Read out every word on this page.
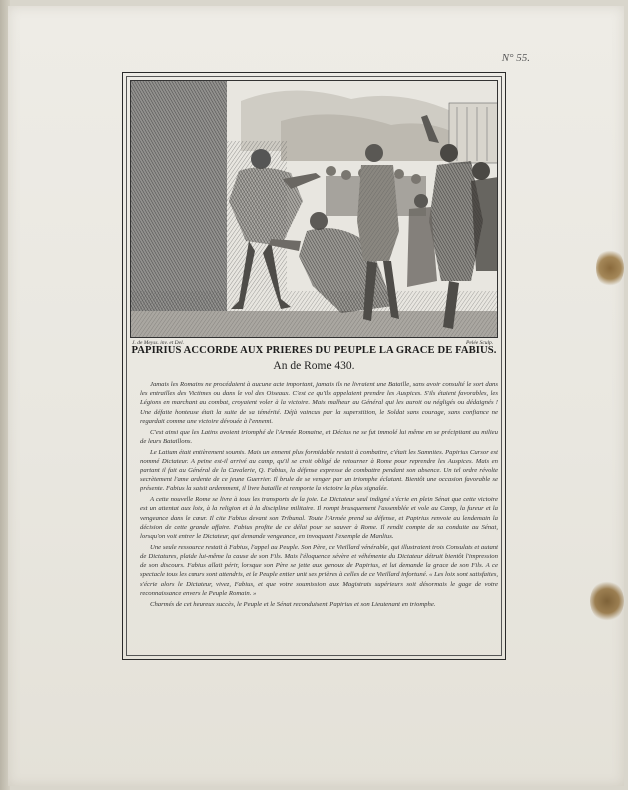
N° 55.
J. de Meyss. inv. et Del.	Pelée Sculp.
PAPIRIUS ACCORDE AUX PRIERES DU PEUPLE LA GRACE DE FABIUS.
An de Rome 430.

Jamais les Romains ne procédaient à aucune acte important, jamais ils ne livraient une Bataille, sans avoir consulté le sort dans les entrailles des Victimes ou dans le vol des Oiseaux. C'est ce qu'ils appelaient prendre les Auspices. S'ils étaient favorables, les Légions en marchant au combat, croyaient voler à la victoire. Mais malheur au Général qui les auroit ou négligés ou dédaignés ! Une défaite honteuse était la suite de sa témérité. Déjà vaincus par la superstition, le Soldat sans courage, sans confiance ne regardait comme une victoire dévouée à l'ennemi.

C'est ainsi que les Latins avoient triomphé de l'Armée Romaine, et Décius ne se fut immolé lui même en se précipitant au milieu de leurs Bataillons.

Le Latium était entièrement soumis. Mais un ennemi plus formidable restait à combattre, c'était les Samnites. Papirius Cursor est nommé Dictateur. A peine est-il arrivé au camp, qu'il se croit obligé de retourner à Rome pour reprendre les Auspices. Mais en partant il fait au Général de la Cavalerie, Q. Fabius, la défense expresse de combattre pendant son absence. Un tel ordre révolte secrètement l'ame ardente de ce jeune Guerrier. Il brule de se venger par un triomphe éclatant. Bientôt une occasion favorable se présente. Fabius la saisit ardemment, il livre bataille et remporte la victoire la plus signalée.

A cette nouvelle Rome se livre à tous les transports de la joie. Le Dictateur seul indigné s'écrie en plein Sénat que cette victoire est un attentat aux loix, à la religion et à la discipline militaire. Il rompt brusquement l'assemblée et vole au Camp, la fureur et la vengeance dans le cœur. Il cite Fabius devant son Tribunal. Toute l'Armée prend sa défense, et Papirius renvoie au lendemain la décision de cette grande affaire. Fabius profite de ce délai pour se sauver à Rome. Il rendit compte de sa conduite au Sénat, lorsqu'on voit entrer le Dictateur, qui demande vengeance, en invoquant l'exemple de Manlius.

Une seule ressource restait à Fabius, l'appel au Peuple. Son Père, ce Vieillard vénérable, qui illustraient trois Consulats et autant de Dictatures, plaide lui-même la cause de son Fils. Mais l'éloquence sévère et véhémente du Dictateur détruit bientôt l'impression de son discours. Fabius allait périr, lorsque son Père se jette aux genoux de Papirius, et lui demande la grace de son Fils. A ce spectacle tous les cœurs sont attendris, et le Peuple entier unit ses prières à celles de ce Vieillard infortuné. « Les loix sont satisfaites, s'écrie alors le Dictateur, vivez, Fabius, et que votre soumission aux Magistrats supérieurs soit désormais le gage de votre reconnaissance envers le Peuple Romain. »

Charmés de cet heureux succès, le Peuple et le Sénat reconduisent Papirius et son Lieutenant en triomphe.
